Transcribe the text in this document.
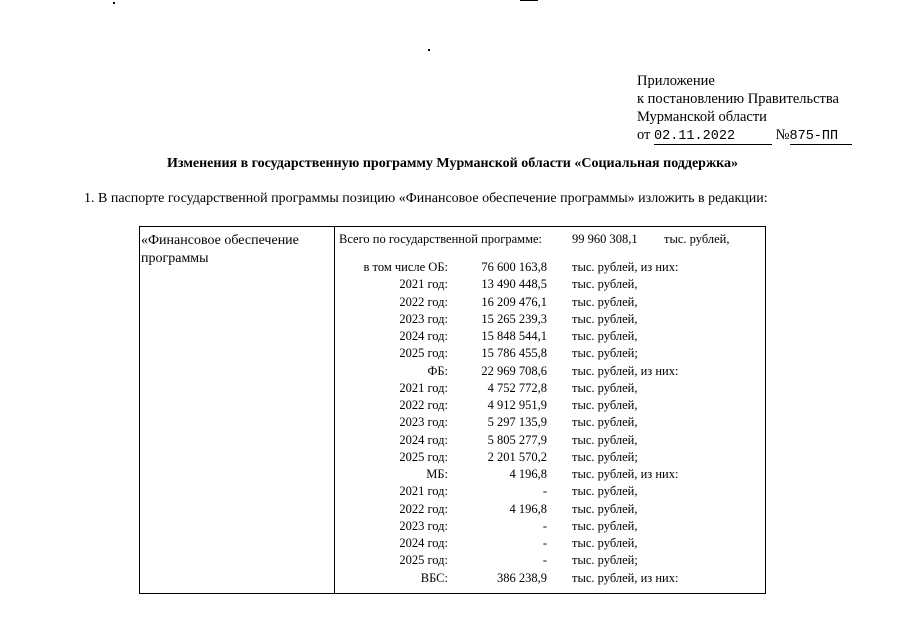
Приложение
к постановлению Правительства
Мурманской области
от 02.11.2022	№875-ПП
Изменения в государственную программу Мурманской области «Социальная поддержка»
1. В паспорте государственной программы позицию «Финансовое обеспечение программы» изложить в редакции:
«Финансовое обеспечение программы
Всего по государственной программе: 99 960 308,1 тыс. рублей,
в том числе ОБ:	76 600 163,8 тыс. рублей, из них:
2021 год:	13 490 448,5 тыс. рублей,
2022 год:	16 209 476,1 тыс. рублей,
2023 год:	15 265 239,3 тыс. рублей,
2024 год:	15 848 544,1 тыс. рублей,
2025 год:	15 786 455,8 тыс. рублей;
ФБ:	22 969 708,6 тыс. рублей, из них:
2021 год:	4 752 772,8 тыс. рублей,
2022 год:	4 912 951,9 тыс. рублей,
2023 год:	5 297 135,9 тыс. рублей,
2024 год:	5 805 277,9 тыс. рублей,
2025 год:	2 201 570,2 тыс. рублей;
МБ:	4 196,8 тыс. рублей, из них:
2021 год:	- тыс. рублей,
2022 год:	4 196,8 тыс. рублей,
2023 год:	- тыс. рублей,
2024 год:	- тыс. рублей,
2025 год:	- тыс. рублей;
ВБС:	386 238,9 тыс. рублей, из них:
